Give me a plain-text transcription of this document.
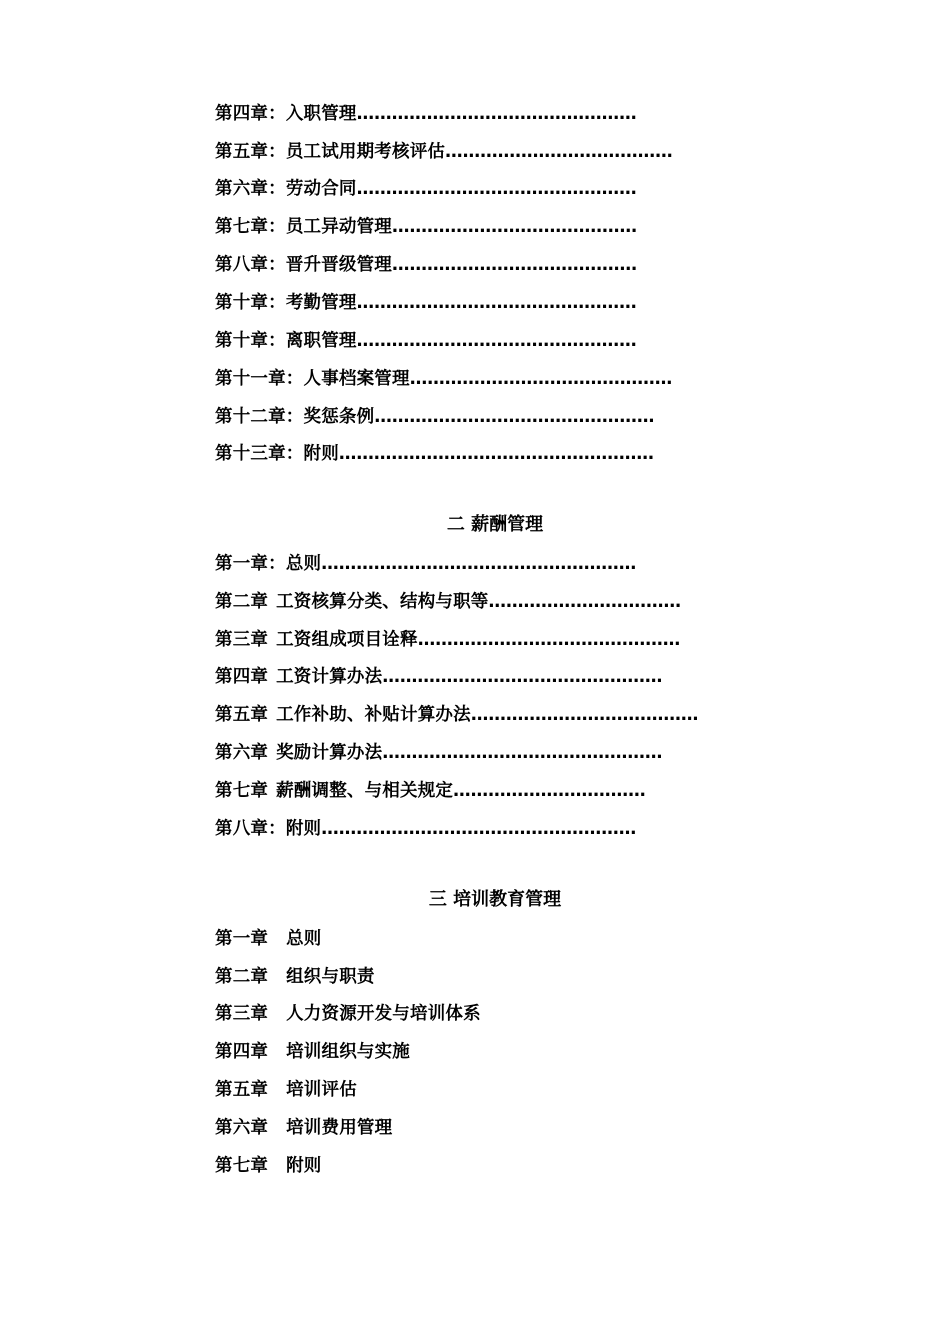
第四章：入职管理…………………………………………
第五章：员工试用期考核评估…………………………………
第六章：劳动合同…………………………………………
第七章：员工异动管理……………………………………
第八章：晋升晋级管理……………………………………
第十章：考勤管理…………………………………………
第十章：离职管理…………………………………………
第十一章：人事档案管理………………………………………
第十二章：奖惩条例…………………………………………
第十三章：附则………………………………………………
二 薪酬管理
第一章：总则………………………………………………
第二章 工资核算分类、结构与职等……………………………
第三章 工资组成项目诠释………………………………………
第四章 工资计算办法…………………………………………
第五章 工作补助、补贴计算办法…………………………………
第六章 奖励计算办法…………………………………………
第七章 薪酬调整、与相关规定……………………………
第八章：附则………………………………………………
三 培训教育管理
第一章 总则
第二章 组织与职责
第三章 人力资源开发与培训体系
第四章 培训组织与实施
第五章 培训评估
第六章 培训费用管理
第七章 附则
